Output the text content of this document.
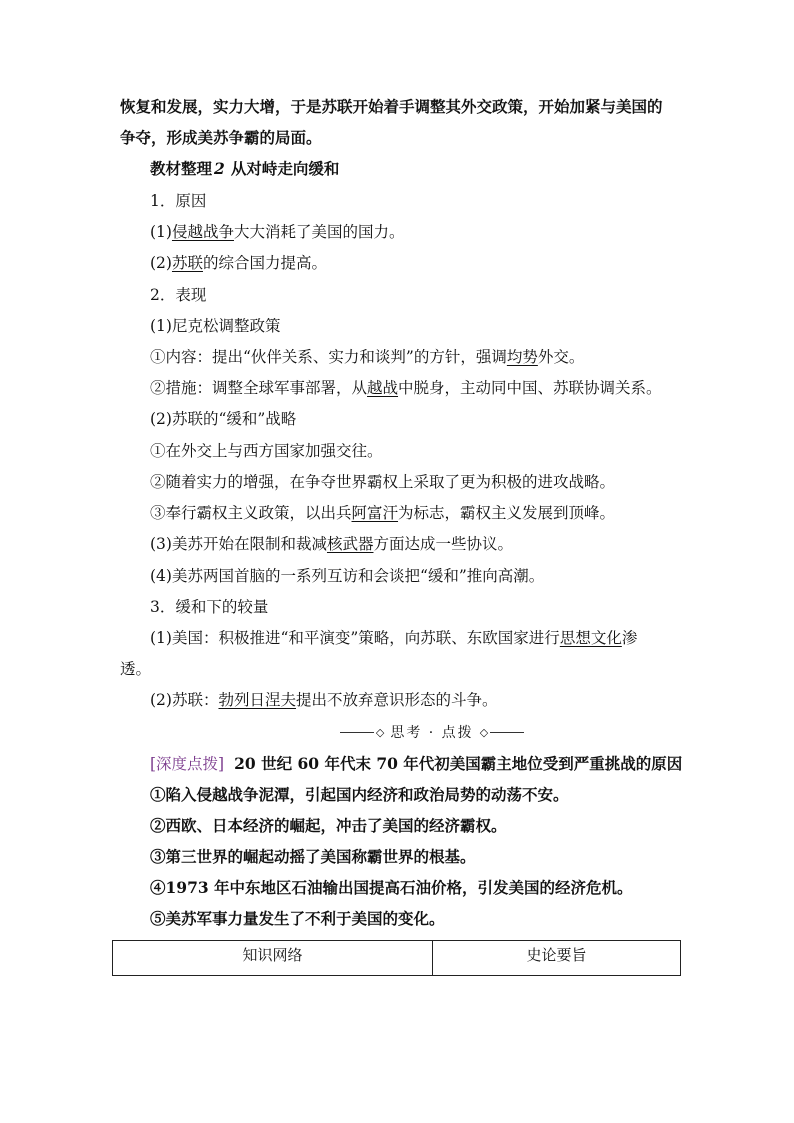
恢复和发展，实力大增，于是苏联开始着手调整其外交政策，开始加紧与美国的
争夺，形成美苏争霸的局面。
教材整理 2 从对峙走向缓和
1．原因
(1)侵越战争大大消耗了美国的国力。
(2)苏联的综合国力提高。
2．表现
(1)尼克松调整政策
①内容：提出“伙伴关系、实力和谈判”的方针，强调均势外交。
②措施：调整全球军事部署，从越战中脱身，主动同中国、苏联协调关系。
(2)苏联的“缓和”战略
①在外交上与西方国家加强交往。
②随着实力的增强，在争夺世界霸权上采取了更为积极的进攻战略。
③奉行霸权主义政策，以出兵阿富汗为标志，霸权主义发展到顶峰。
(3)美苏开始在限制和裁减核武器方面达成一些协议。
(4)美苏两国首脑的一系列互访和会谈把“缓和”推向高潮。
3．缓和下的较量
(1)美国：积极推进“和平演变”策略，向苏联、东欧国家进行思想文化渗
透。
(2)苏联：勃列日涅夫提出不放弃意识形态的斗争。
◇ 思考 · 点拨 ◇
[深度点拨] 20 世纪 60 年代末 70 年代初美国霸主地位受到严重挑战的原因
①陷入侵越战争泥潭，引起国内经济和政治局势的动荡不安。
②西欧、日本经济的崛起，冲击了美国的经济霸权。
③第三世界的崛起动摇了美国称霸世界的根基。
④1973 年中东地区石油输出国提高石油价格，引发美国的经济危机。
⑤美苏军事力量发生了不利于美国的变化。
知识网络	史论要旨
